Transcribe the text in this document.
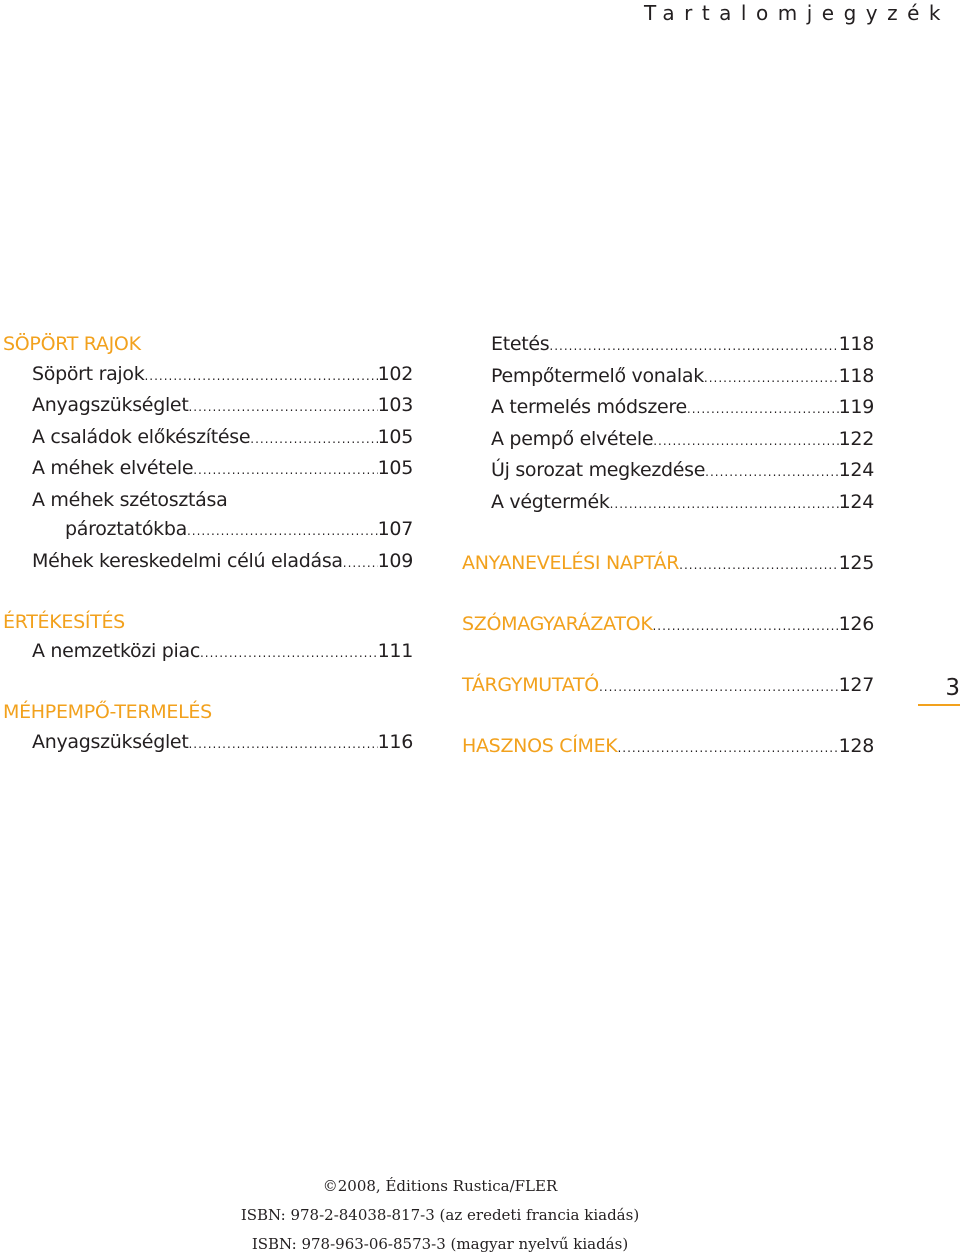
Tartalomjegyzék
SÖPÖRT RAJOK
Söpört rajok .....	102
Anyagszükséglet .....	103
A családok előkészítése .....	105
A méhek elvétele .....	105
A méhek szétosztása
pároztatókba .....	107
Méhek kereskedelmi célú eladása ..... 109
ÉRTÉKESÍTÉS
A nemzetközi piac .....	111
MÉHPEMPŐ-TERMELÉS
Anyagszükséglet .....	116
Etetés .....	118
Pempőtermelő vonalak .....	118
A termelés módszere .....	119
A pempő elvétele .....	122
Új sorozat megkezdése .....	124
A végtermék .....	124
ANYANEVELÉSI NAPTÁR .....	125
SZÓMAGYARÁZATOK .....	126
TÁRGYMUTATÓ .....	127
HASZNOS CÍMEK .....	128
3
©2008, Éditions Rustica/FLER
ISBN: 978-2-84038-817-3 (az eredeti francia kiadás)
ISBN: 978-963-06-8573-3 (magyar nyelvű kiadás)
